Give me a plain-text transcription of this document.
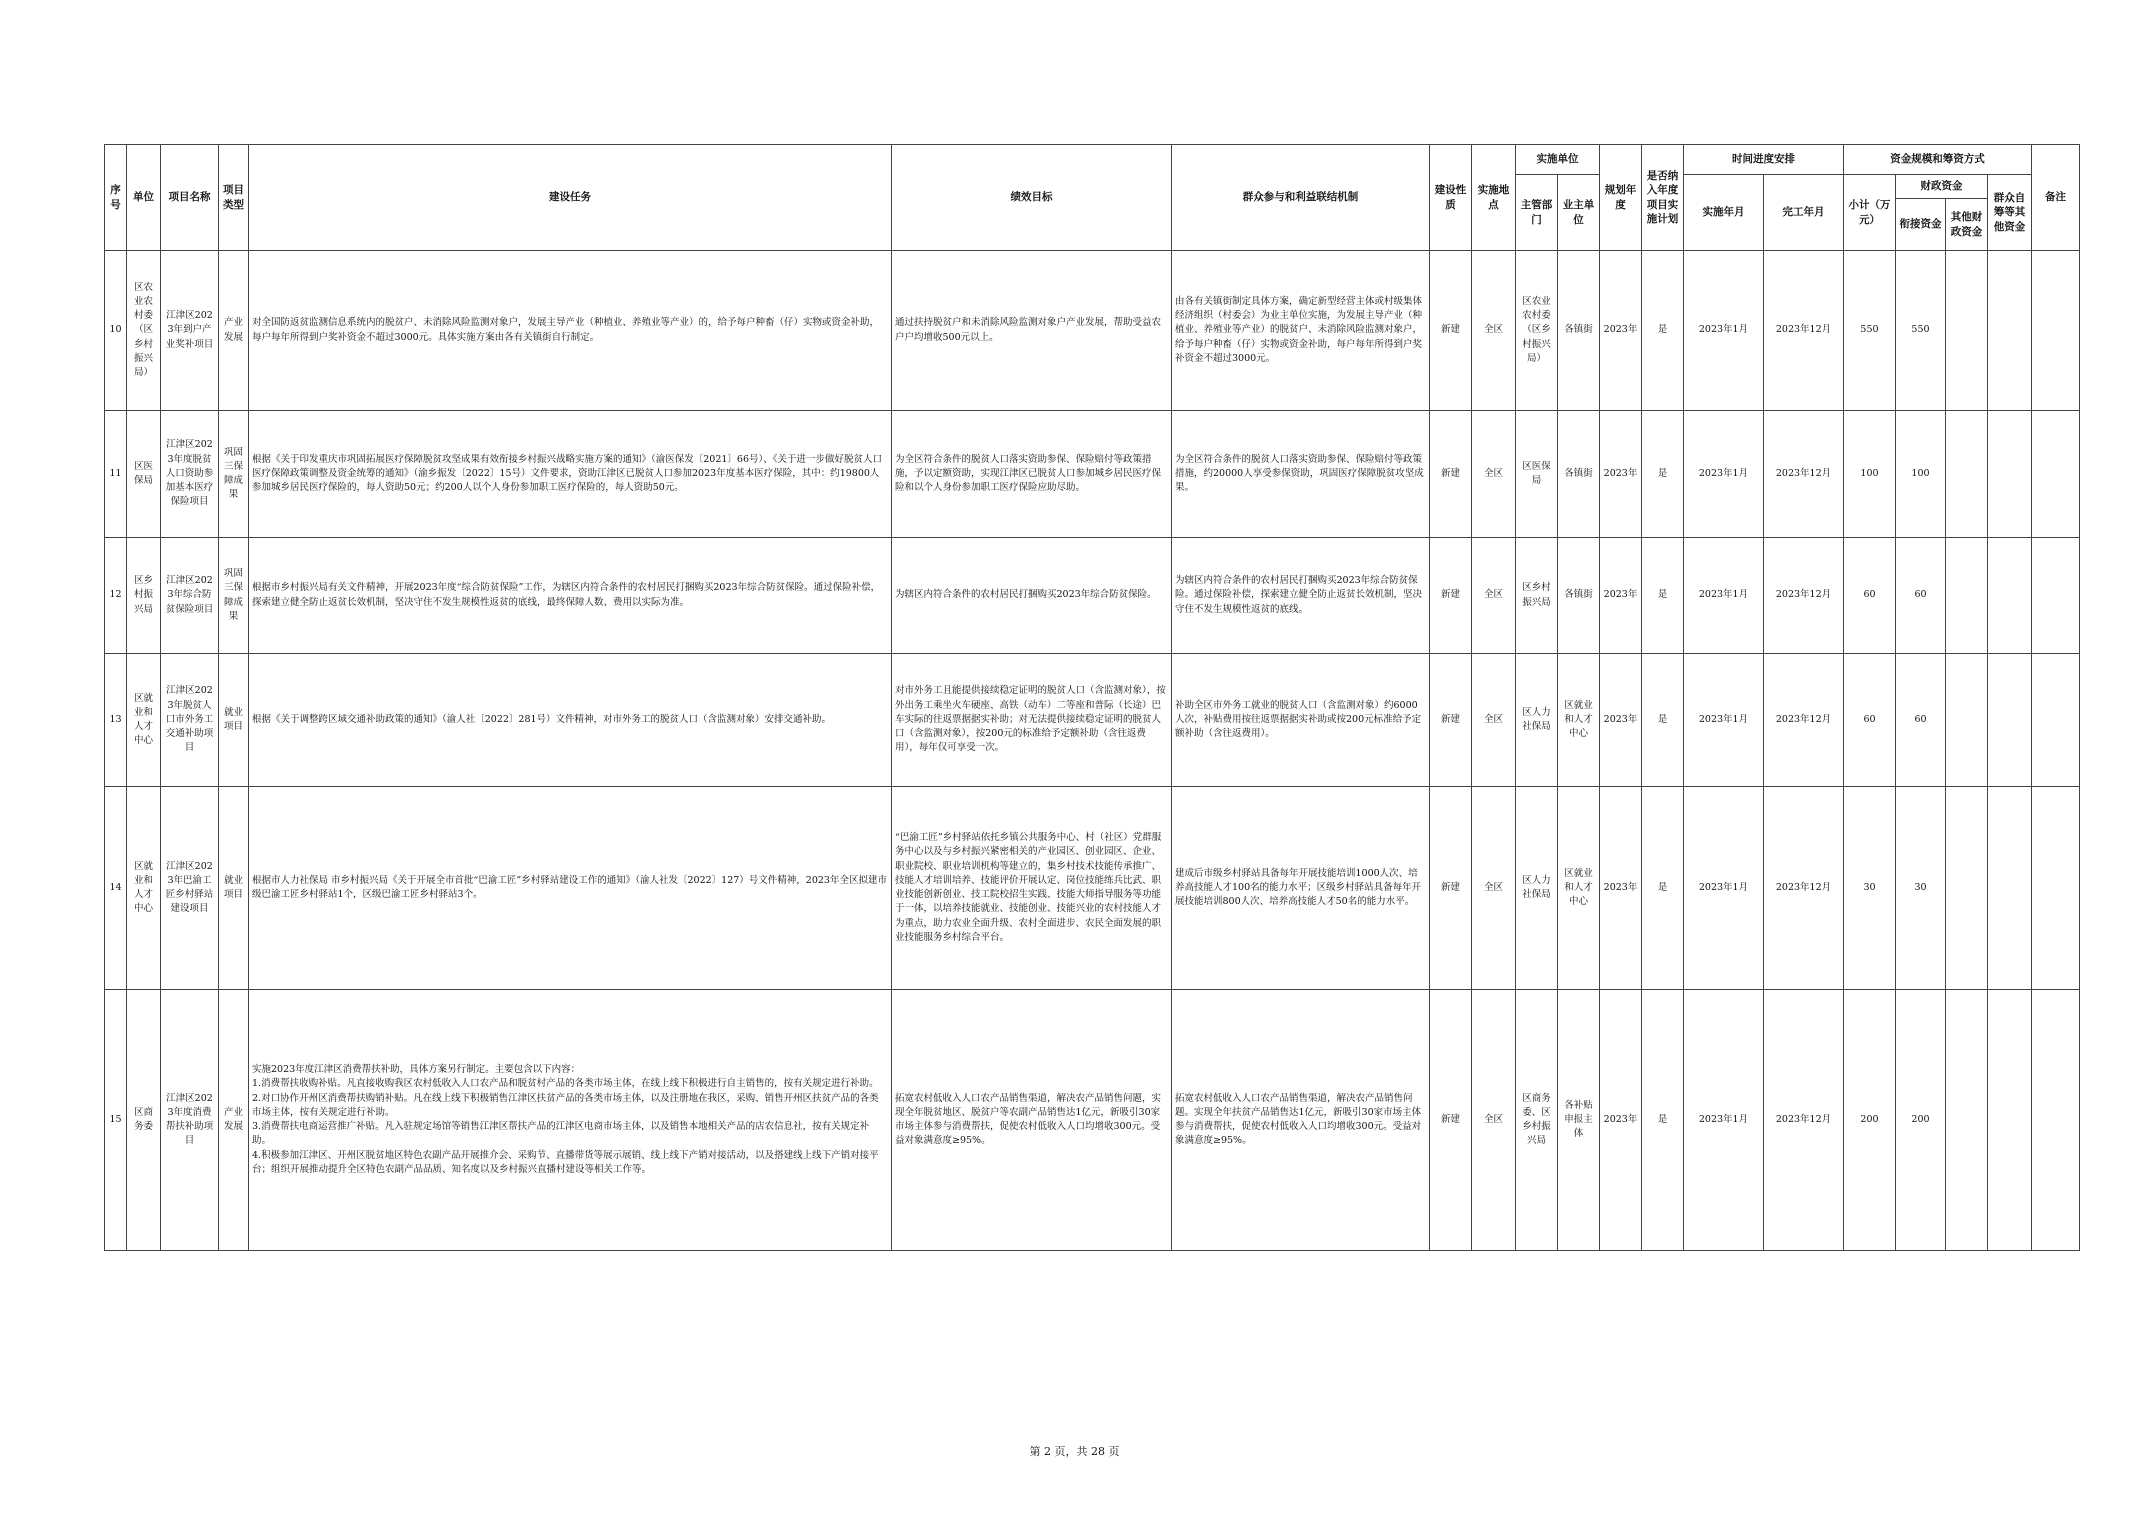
序号	单位	项目名称	项目类型	建设任务	绩效目标	群众参与和利益联结机制	建设性质	实施地点	实施单位		规划年度	是否纳入年度项目实施计划	时间进度安排		资金规模和筹资方式				备注
									主管部门	业主单位			实施年月	完工年月	小计（万元）	财政资金		群众自筹等其他资金	
																衔接资金	其他财政资金		
10	区农业农村委（区乡村振兴局）	江津区2023年到户产业奖补项目	产业发展	对全国防返贫监测信息系统内的脱贫户、未消除风险监测对象户，发展主导产业（种植业、养殖业等产业）的，给予每户种畜（仔）实物或资金补助，每户每年所得到户奖补资金不超过3000元。具体实施方案由各有关镇街自行制定。	通过扶持脱贫户和未消除风险监测对象户产业发展，帮助受益农户户均增收500元以上。	由各有关镇街制定具体方案，确定新型经营主体或村级集体经济组织（村委会）为业主单位实施，为发展主导产业（种植业、养殖业等产业）的脱贫户、未消除风险监测对象户，给予每户种畜（仔）实物或资金补助，每户每年所得到户奖补资金不超过3000元。	新建	全区	区农业农村委（区乡村振兴局）	各镇街	2023年	是	2023年1月	2023年12月	550	550			
11	区医保局	江津区2023年度脱贫人口资助参加基本医疗保险项目	巩固三保障成果	根据《关于印发重庆市巩固拓展医疗保障脱贫攻坚成果有效衔接乡村振兴战略实施方案的通知》（渝医保发〔2021〕66号）、《关于进一步做好脱贫人口医疗保障政策调整及资金统筹的通知》（渝乡振发〔2022〕15号）文件要求，资助江津区已脱贫人口参加2023年度基本医疗保险，其中：约19800人参加城乡居民医疗保险的，每人资助50元；约200人以个人身份参加职工医疗保险的，每人资助50元。	为全区符合条件的脱贫人口落实资助参保、保险赔付等政策措施，予以定额资助，实现江津区已脱贫人口参加城乡居民医疗保险和以个人身份参加职工医疗保险应助尽助。	为全区符合条件的脱贫人口落实资助参保、保险赔付等政策措施，约20000人享受参保资助，巩固医疗保障脱贫攻坚成果。	新建	全区	区医保局	各镇街	2023年	是	2023年1月	2023年12月	100	100			
12	区乡村振兴局	江津区2023年综合防贫保险项目	巩固三保障成果	根据市乡村振兴局有关文件精神，开展2023年度“综合防贫保险”工作，为辖区内符合条件的农村居民打捆购买2023年综合防贫保险。通过保险补偿，探索建立健全防止返贫长效机制，坚决守住不发生规模性返贫的底线，最终保障人数、费用以实际为准。	为辖区内符合条件的农村居民打捆购买2023年综合防贫保险。	为辖区内符合条件的农村居民打捆购买2023年综合防贫保险。通过保险补偿，探索建立健全防止返贫长效机制，坚决守住不发生规模性返贫的底线。	新建	全区	区乡村振兴局	各镇街	2023年	是	2023年1月	2023年12月	60	60			
13	区就业和人才中心	江津区2023年脱贫人口市外务工交通补助项目	就业项目	根据《关于调整跨区域交通补助政策的通知》（渝人社〔2022〕281号）文件精神，对市外务工的脱贫人口（含监测对象）安排交通补助。	对市外务工且能提供接续稳定证明的脱贫人口（含监测对象），按外出务工乘坐火车硬座、高铁（动车）二等座和普际（长途）巴车实际的往返票据据实补助；对无法提供接续稳定证明的脱贫人口（含监测对象），按200元的标准给予定额补助（含往返费用），每年仅可享受一次。	补助全区市外务工就业的脱贫人口（含监测对象）约6000人次，补贴费用按往返票据据实补助或按200元标准给予定额补助（含往返费用）。	新建	全区	区人力社保局	区就业和人才中心	2023年	是	2023年1月	2023年12月	60	60			
14	区就业和人才中心	江津区2023年巴渝工匠乡村驿站建设项目	就业项目	根据市人力社保局 市乡村振兴局《关于开展全市首批“巴渝工匠”乡村驿站建设工作的通知》（渝人社发〔2022〕127）号文件精神，2023年全区拟建市级巴渝工匠乡村驿站1个，区级巴渝工匠乡村驿站3个。	“巴渝工匠”乡村驿站依托乡镇公共服务中心、村（社区）党群服务中心以及与乡村振兴紧密相关的产业园区、创业园区、企业、职业院校、职业培训机构等建立的，集乡村技术技能传承推广、技能人才培训培养、技能评价开展认定、岗位技能练兵比武、职业技能创新创业、技工院校招生实践、技能大师指导服务等功能于一体，以培养技能就业、技能创业、技能兴业的农村技能人才为重点，助力农业全面升级、农村全面进步、农民全面发展的职业技能服务乡村综合平台。	建成后市级乡村驿站具备每年开展技能培训1000人次、培养高技能人才100名的能力水平；区级乡村驿站具备每年开展技能培训800人次、培养高技能人才50名的能力水平。	新建	全区	区人力社保局	区就业和人才中心	2023年	是	2023年1月	2023年12月	30	30			
15	区商务委	江津区2023年度消费帮扶补助项目	产业发展	实施2023年度江津区消费帮扶补助，具体方案另行制定。主要包含以下内容：
1.消费帮扶收购补贴。凡直接收购我区农村低收入人口农产品和脱贫村产品的各类市场主体，在线上线下积极进行自主销售的，按有关规定进行补助。 2.对口协作开州区消费帮扶购销补贴。凡在线上线下积极销售江津区扶贫产品的各类市场主体，以及注册地在我区，采购、销售开州区扶贫产品的各类市场主体，按有关规定进行补助。
3.消费帮扶电商运营推广补贴。凡入驻规定场馆等销售江津区帮扶产品的江津区电商市场主体，以及销售本地相关产品的店农信息社，按有关规定补助。
4.积极参加江津区、开州区脱贫地区特色农副产品开展推介会、采购节、直播带货等展示展销、线上线下产销对接活动，以及搭建线上线下产销对接平台；组织开展推动提升全区特色农副产品品质、知名度以及乡村振兴直播村建设等相关工作等。	拓宽农村低收入人口农产品销售渠道，解决农产品销售问题，实现全年脱贫地区、脱贫户等农副产品销售达1亿元，新吸引30家市场主体参与消费帮扶，促使农村低收入人口均增收300元。受益对象满意度≥95%。	拓宽农村低收入人口农产品销售渠道，解决农产品销售问题。实现全年扶贫产品销售达1亿元，新吸引30家市场主体参与消费帮扶，促使农村低收入人口均增收300元。受益对象满意度≥95%。	新建	全区	区商务委、区乡村振兴局	各补贴申报主体	2023年	是	2023年1月	2023年12月	200	200			
第 2 页，共 28 页
